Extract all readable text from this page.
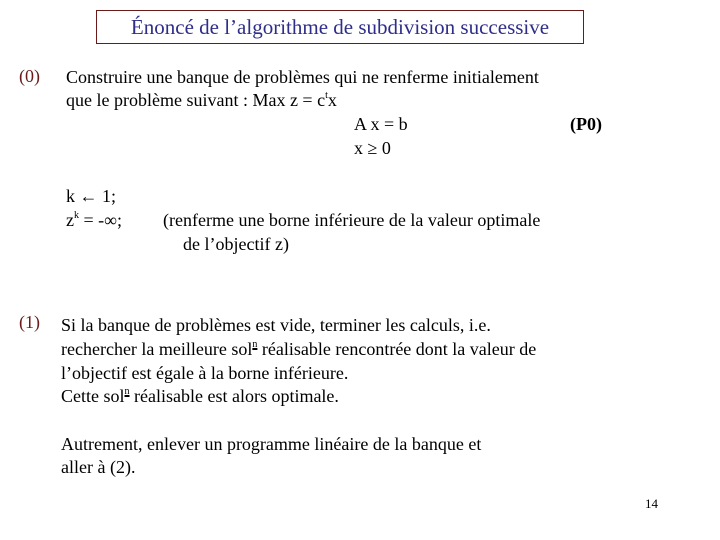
Énoncé de l’algorithme de subdivision successive
(0) Construire une banque de problèmes qui ne renferme initialement
que le problème suivant : Max $z = c^tx$
A x = b	(P0)
x ≥ 0
k ← 1;
$z^k$ = -∞; (renferme une borne inférieure de la valeur optimale
de l’objectif z)
(1) Si la banque de problèmes est vide, terminer les calculs, i.e.
rechercher la meilleure sol$^n$ réalisable rencontrée dont la valeur de
l’objectif est égale à la borne inférieure.
Cette sol$^n$ réalisable est alors optimale.
Autrement, enlever un programme linéaire de la banque et
aller à (2).
14
